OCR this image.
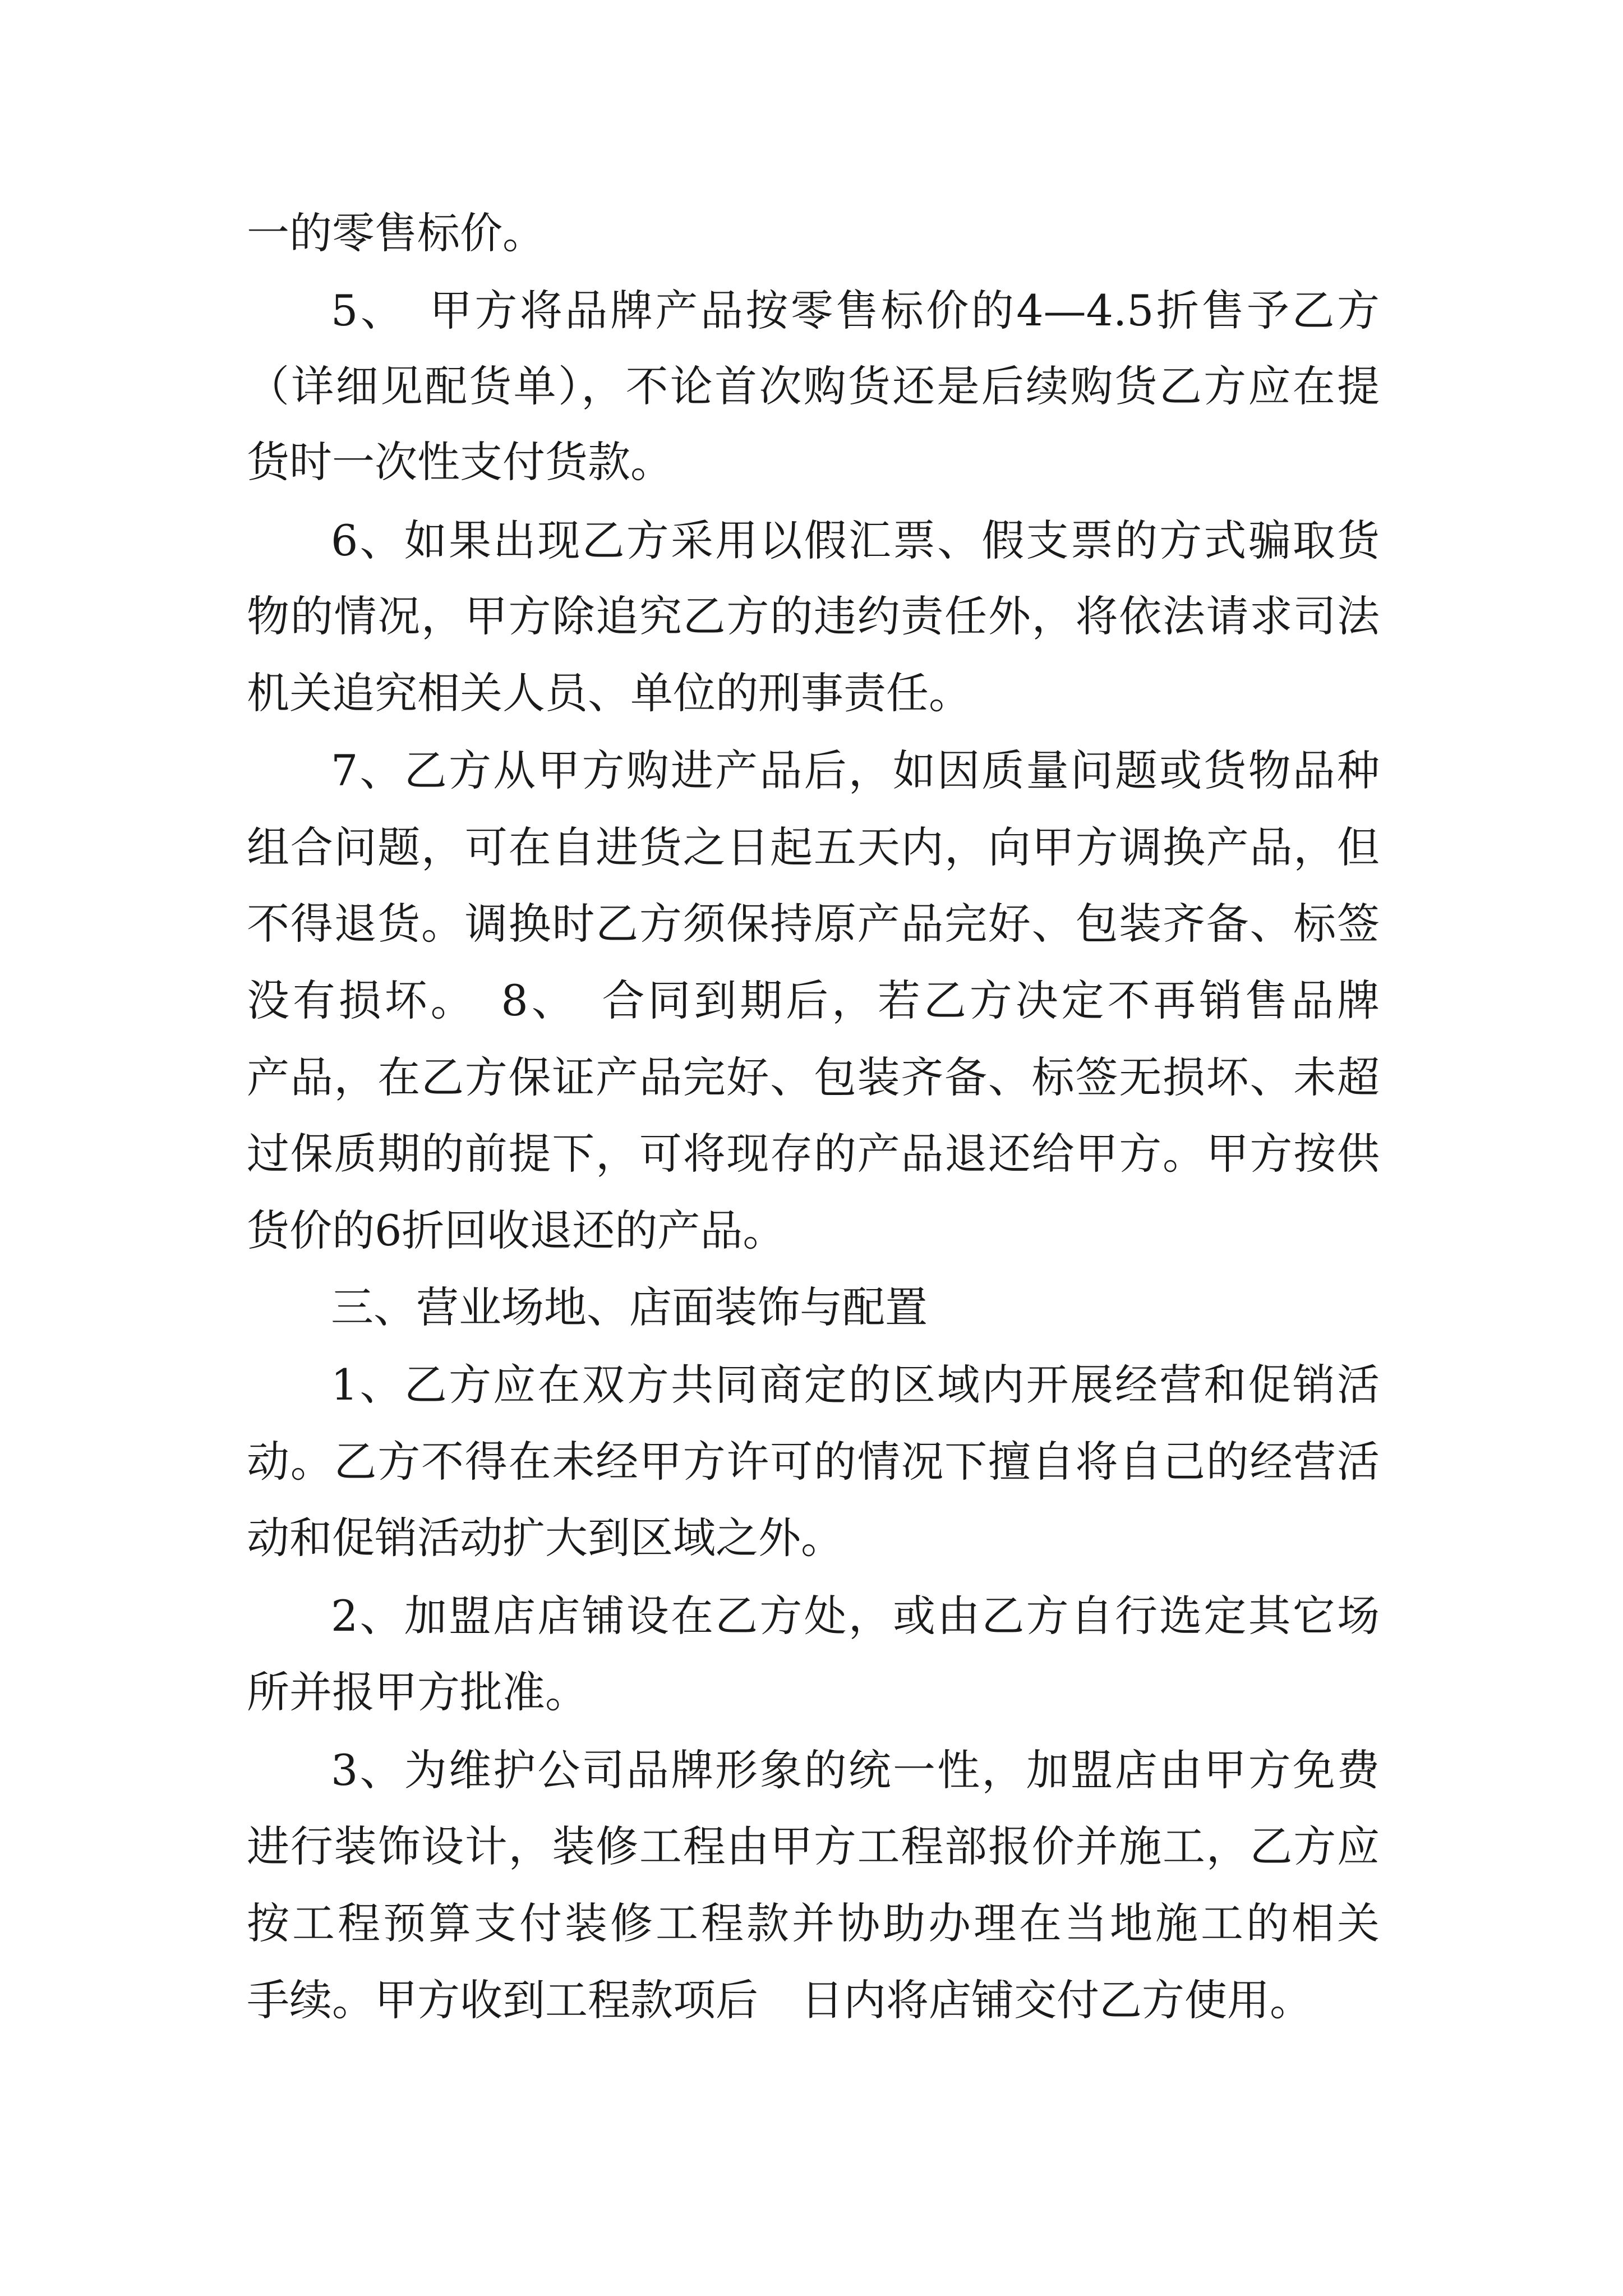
一的零售标价。
5、　甲方将品牌产品按零售标价的4—4.5折售予乙方
（详细见配货单），不论首次购货还是后续购货乙方应在提
货时一次性支付货款。
6、如果出现乙方采用以假汇票、假支票的方式骗取货
物的情况，甲方除追究乙方的违约责任外，将依法请求司法
机关追究相关人员、单位的刑事责任。
7、乙方从甲方购进产品后，如因质量问题或货物品种
组合问题，可在自进货之日起五天内，向甲方调换产品，但
不得退货。调换时乙方须保持原产品完好、包装齐备、标签
没有损坏。　8、　合同到期后，若乙方决定不再销售品牌
产品，在乙方保证产品完好、包装齐备、标签无损坏、未超
过保质期的前提下，可将现存的产品退还给甲方。甲方按供
货价的6折回收退还的产品。
三、营业场地、店面装饰与配置
1、乙方应在双方共同商定的区域内开展经营和促销活
动。乙方不得在未经甲方许可的情况下擅自将自己的经营活
动和促销活动扩大到区域之外。
2、加盟店店铺设在乙方处，或由乙方自行选定其它场
所并报甲方批准。
3、为维护公司品牌形象的统一性，加盟店由甲方免费
进行装饰设计，装修工程由甲方工程部报价并施工，乙方应
按工程预算支付装修工程款并协助办理在当地施工的相关
手续。甲方收到工程款项后　日内将店铺交付乙方使用。
